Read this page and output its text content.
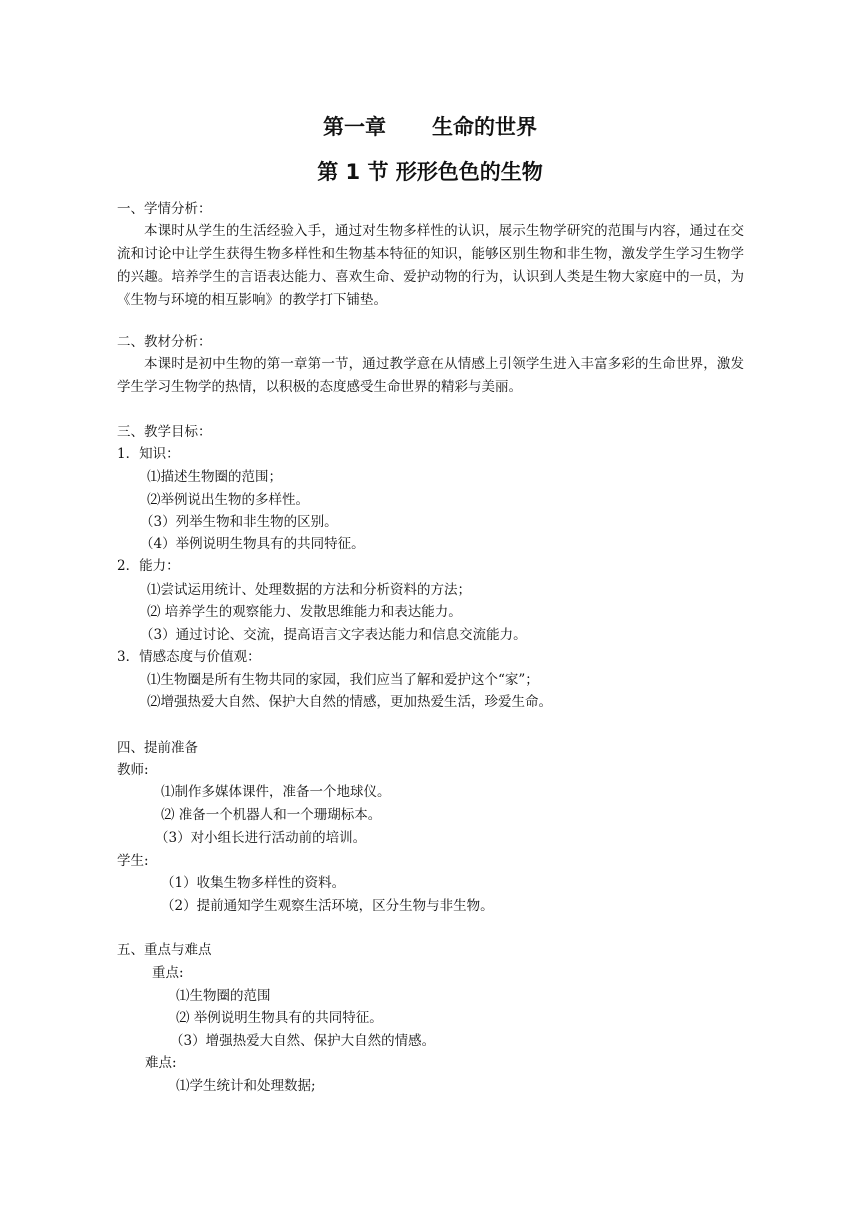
第一章 生命的世界
第 1 节 形形色色的生物
一、学情分析：

本课时从学生的生活经验入手，通过对生物多样性的认识，展示生物学研究的范围与内容，通过在交流和讨论中让学生获得生物多样性和生物基本特征的知识，能够区别生物和非生物，激发学生学习生物学的兴趣。培养学生的言语表达能力、喜欢生命、爱护动物的行为，认识到人类是生物大家庭中的一员，为《生物与环境的相互影响》的教学打下铺垫。

二、教材分析：

本课时是初中生物的第一章第一节，通过教学意在从情感上引领学生进入丰富多彩的生命世界，激发学生学习生物学的热情，以积极的态度感受生命世界的精彩与美丽。

三、教学目标：
1．知识：
⑴描述生物圈的范围；
⑵举例说出生物的多样性。
（3）列举生物和非生物的区别。
（4）举例说明生物具有的共同特征。
2．能力：
⑴尝试运用统计、处理数据的方法和分析资料的方法；
⑵ 培养学生的观察能力、发散思维能力和表达能力。
（3）通过讨论、交流，提高语言文字表达能力和信息交流能力。
3．情感态度与价值观：
⑴生物圈是所有生物共同的家园，我们应当了解和爱护这个“家”；
⑵增强热爱大自然、保护大自然的情感，更加热爱生活，珍爱生命。
四、提前准备
教师:
⑴制作多媒体课件，准备一个地球仪。
⑵ 准备一个机器人和一个珊瑚标本。
（3）对小组长进行活动前的培训。
学生:
（1）收集生物多样性的资料。
（2）提前通知学生观察生活环境，区分生物与非生物。
五、重点与难点
重点:
⑴生物圈的范围
⑵ 举例说明生物具有的共同特征。
（3）增强热爱大自然、保护大自然的情感。
难点:
⑴学生统计和处理数据;
